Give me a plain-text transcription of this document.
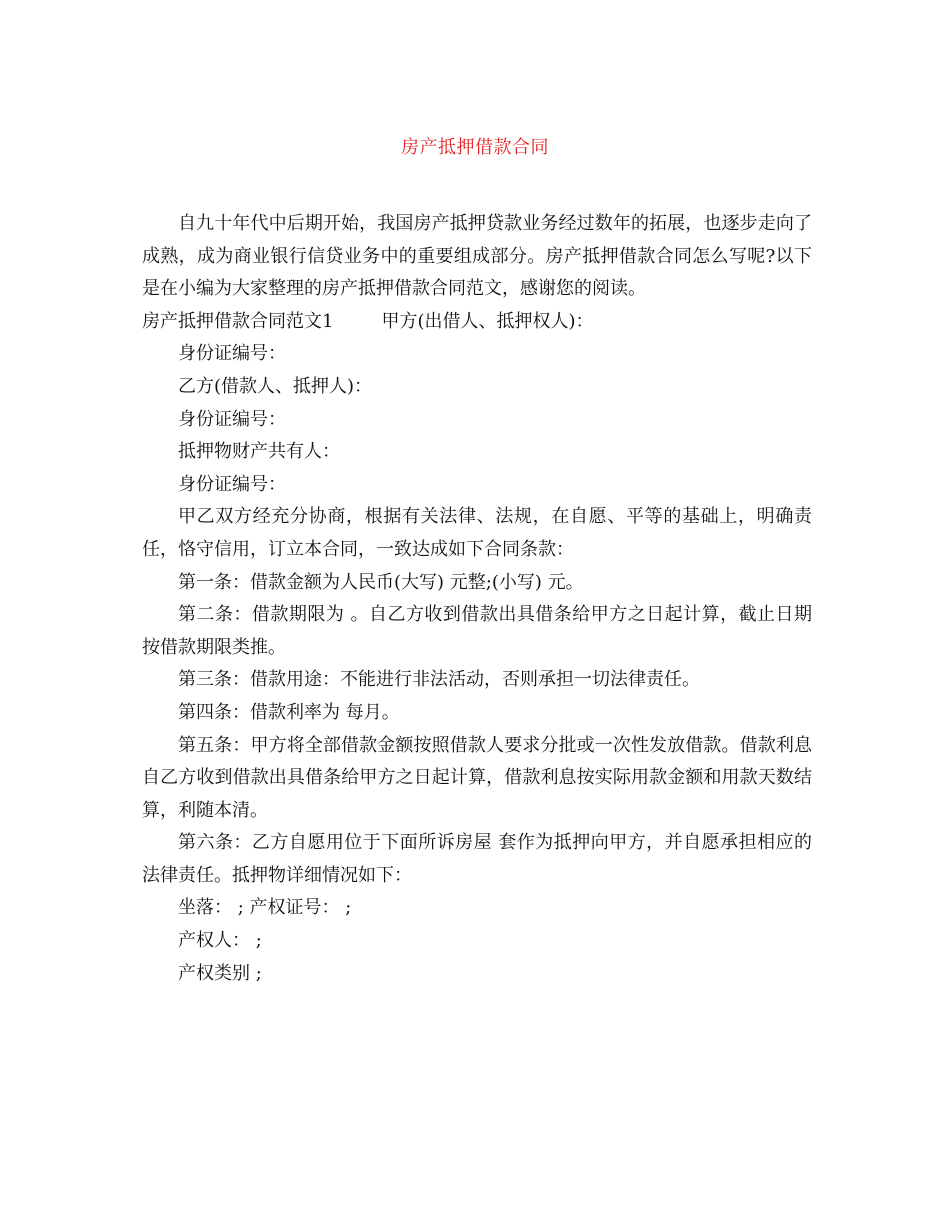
房产抵押借款合同

自九十年代中后期开始，我国房产抵押贷款业务经过数年的拓展，也逐步走向了成熟，成为商业银行信贷业务中的重要组成部分。房产抵押借款合同怎么写呢?以下是在小编为大家整理的房产抵押借款合同范文，感谢您的阅读。

房产抵押借款合同范文1	甲方(出借人、抵押权人)：

身份证编号：

乙方(借款人、抵押人)：

身份证编号：

抵押物财产共有人：

身份证编号：

甲乙双方经充分协商，根据有关法律、法规，在自愿、平等的基础上，明确责任，恪守信用，订立本合同，一致达成如下合同条款：

第一条：借款金额为人民币(大写) 元整;(小写) 元。

第二条：借款期限为 。自乙方收到借款出具借条给甲方之日起计算，截止日期按借款期限类推。

第三条：借款用途：不能进行非法活动，否则承担一切法律责任。

第四条：借款利率为 每月。

第五条：甲方将全部借款金额按照借款人要求分批或一次性发放借款。借款利息自乙方收到借款出具借条给甲方之日起计算，借款利息按实际用款金额和用款天数结算，利随本清。

第六条：乙方自愿用位于下面所诉房屋 套作为抵押向甲方，并自愿承担相应的法律责任。抵押物详细情况如下：

坐落： ; 产权证号： ;

产权人： ;

产权类别 ;
